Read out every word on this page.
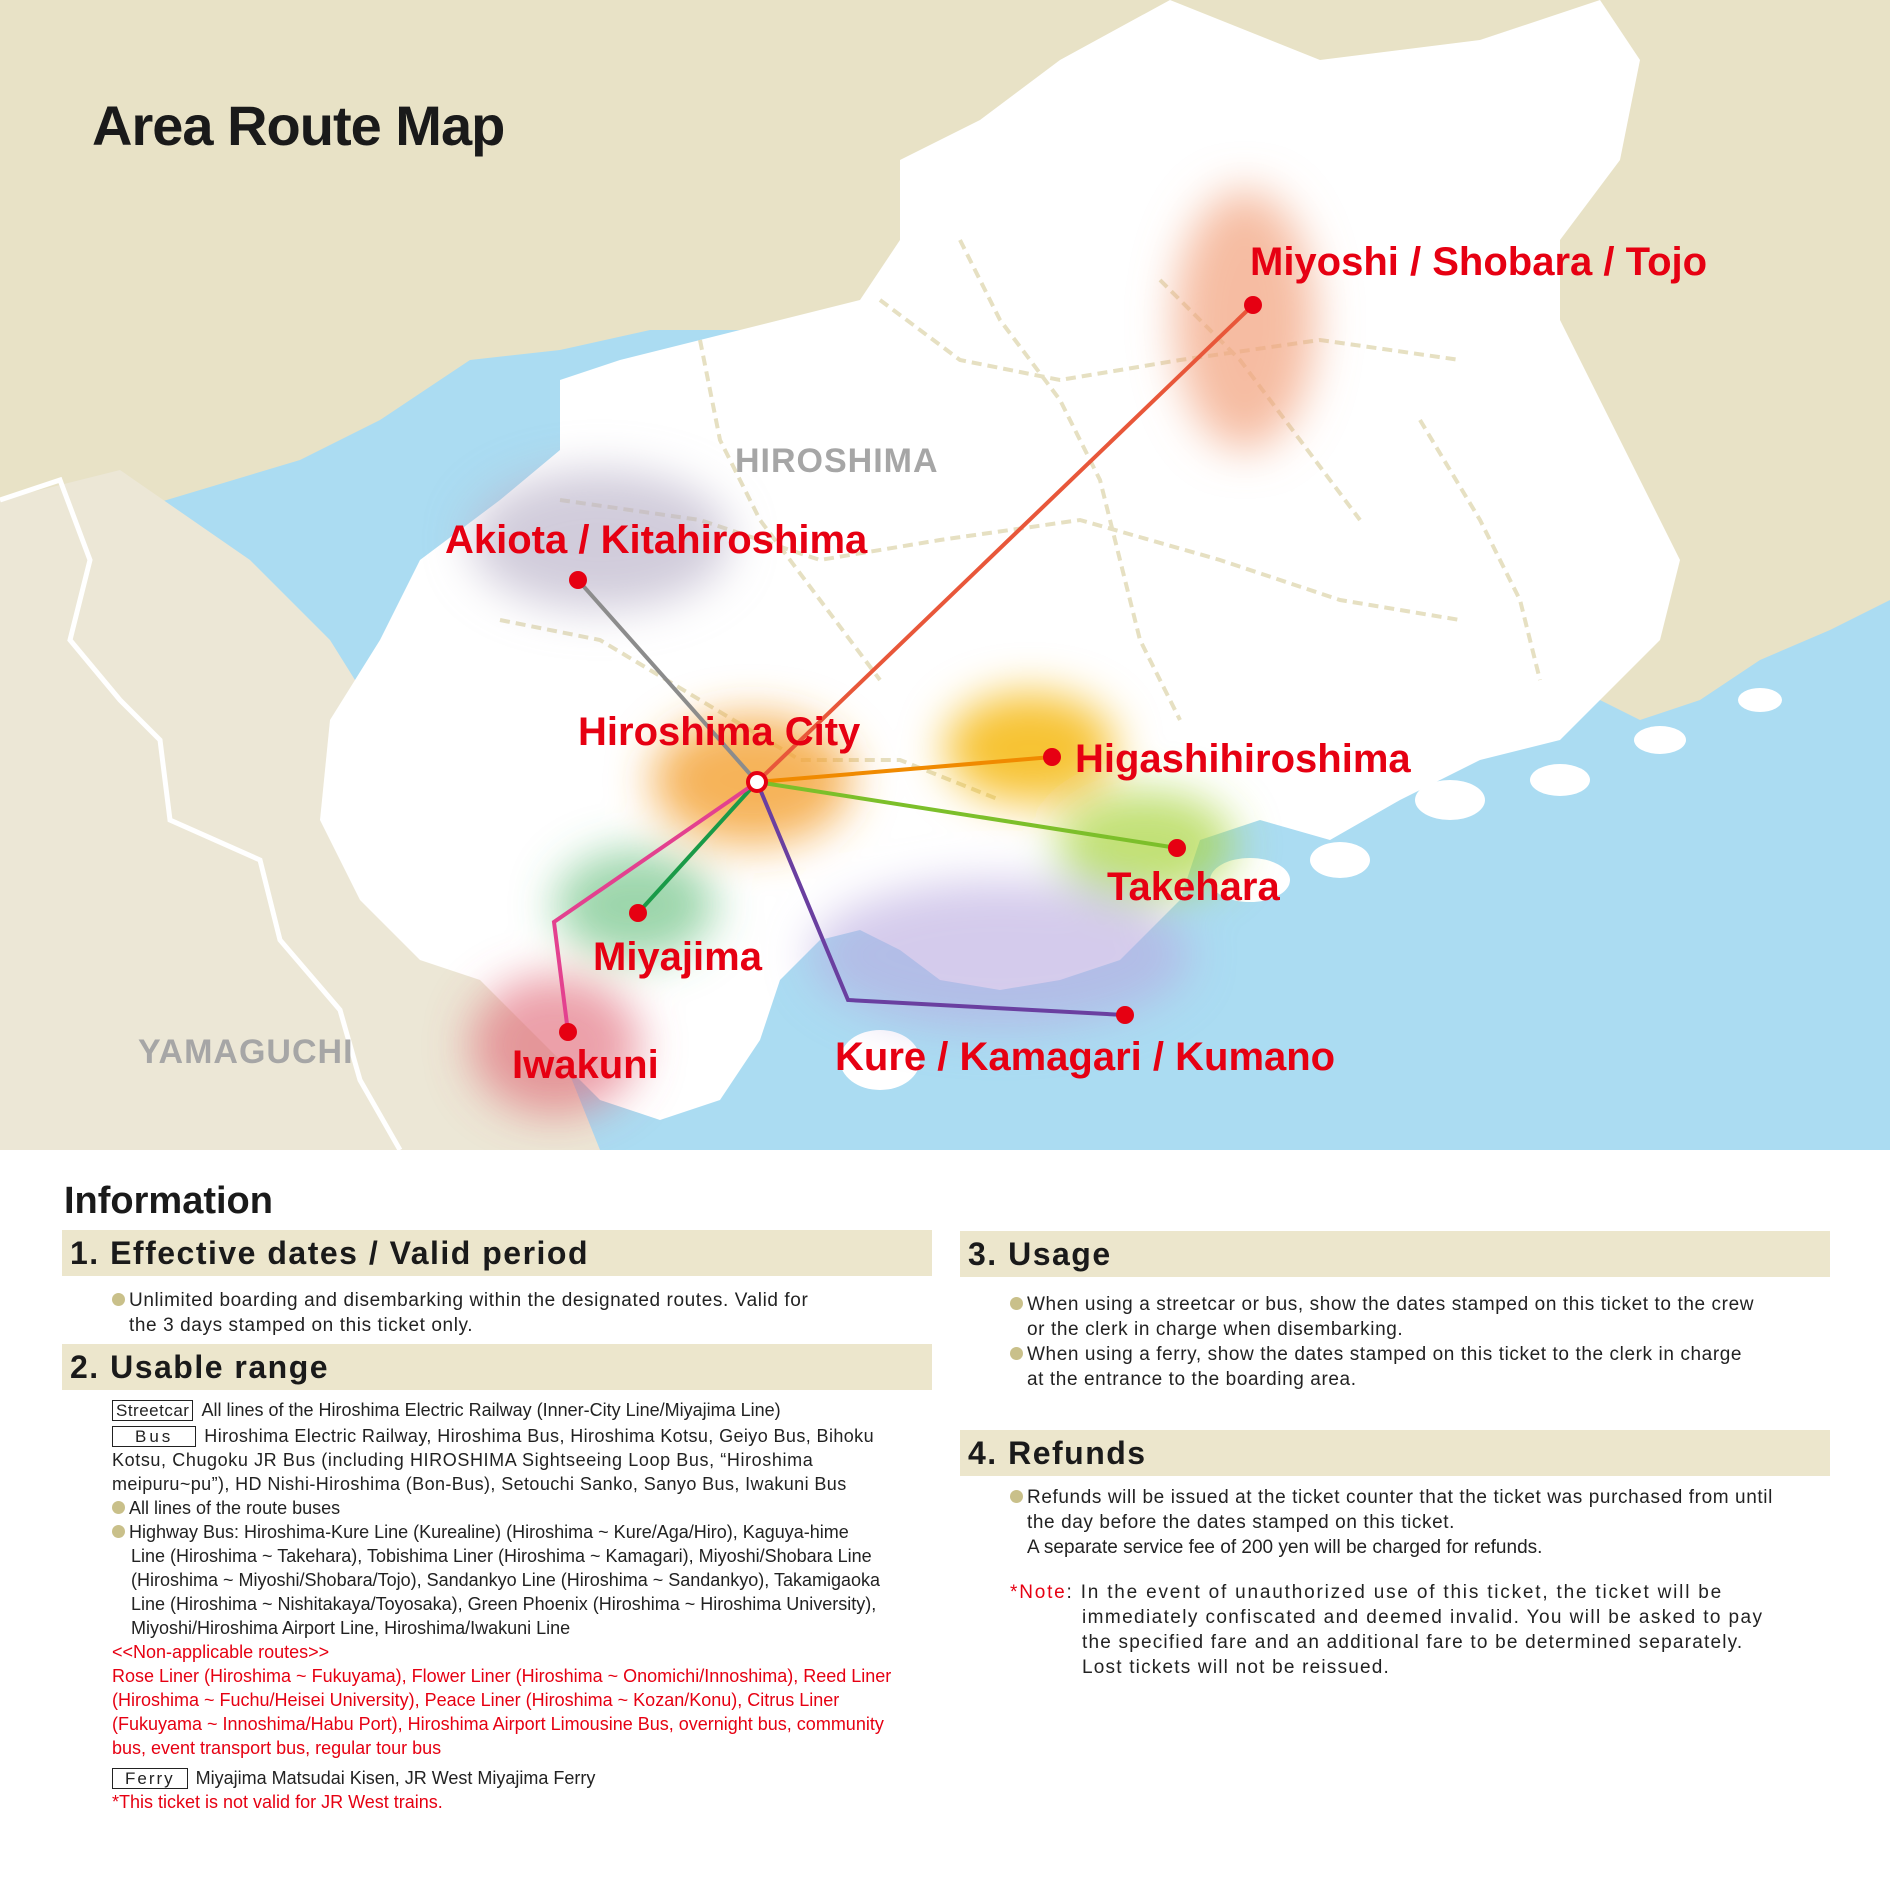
Area Route Map
HIROSHIMA
YAMAGUCHI
Miyoshi / Shobara / Tojo
Akiota / Kitahiroshima
Hiroshima City
Higashihiroshima
Takehara
Miyajima
Iwakuni	Kure / Kamagari / Kumano
Information
1. Effective dates / Valid period
Unlimited boarding and disembarking within the designated routes. Valid for
the 3 days stamped on this ticket only.
2. Usable range
Streetcar All lines of the Hiroshima Electric Railway (Inner-City Line/Miyajima Line)
Bus Hiroshima Electric Railway, Hiroshima Bus, Hiroshima Kotsu, Geiyo Bus, Bihoku
Kotsu, Chugoku JR Bus (including HIROSHIMA Sightseeing Loop Bus, “Hiroshima
meipuru~pu”), HD Nishi-Hiroshima (Bon-Bus), Setouchi Sanko, Sanyo Bus, Iwakuni Bus
All lines of the route buses
Highway Bus: Hiroshima-Kure Line (Kurealine) (Hiroshima ~ Kure/Aga/Hiro), Kaguya-hime
Line (Hiroshima ~ Takehara), Tobishima Liner (Hiroshima ~ Kamagari), Miyoshi/Shobara Line
(Hiroshima ~ Miyoshi/Shobara/Tojo), Sandankyo Line (Hiroshima ~ Sandankyo), Takamigaoka
Line (Hiroshima ~ Nishitakaya/Toyosaka), Green Phoenix (Hiroshima ~ Hiroshima University),
Miyoshi/Hiroshima Airport Line, Hiroshima/Iwakuni Line
<<Non-applicable routes>>
Rose Liner (Hiroshima ~ Fukuyama), Flower Liner (Hiroshima ~ Onomichi/Innoshima), Reed Liner
(Hiroshima ~ Fuchu/Heisei University), Peace Liner (Hiroshima ~ Kozan/Konu), Citrus Liner
(Fukuyama ~ Innoshima/Habu Port), Hiroshima Airport Limousine Bus, overnight bus, community
bus, event transport bus, regular tour bus
Ferry Miyajima Matsudai Kisen, JR West Miyajima Ferry
*This ticket is not valid for JR West trains.
3. Usage
When using a streetcar or bus, show the dates stamped on this ticket to the crew
or the clerk in charge when disembarking.
When using a ferry, show the dates stamped on this ticket to the clerk in charge
at the entrance to the boarding area.
4. Refunds
Refunds will be issued at the ticket counter that the ticket was purchased from until
the day before the dates stamped on this ticket.
A separate service fee of 200 yen will be charged for refunds.
*Note: In the event of unauthorized use of this ticket, the ticket will be
immediately confiscated and deemed invalid. You will be asked to pay
the specified fare and an additional fare to be determined separately.
Lost tickets will not be reissued.
